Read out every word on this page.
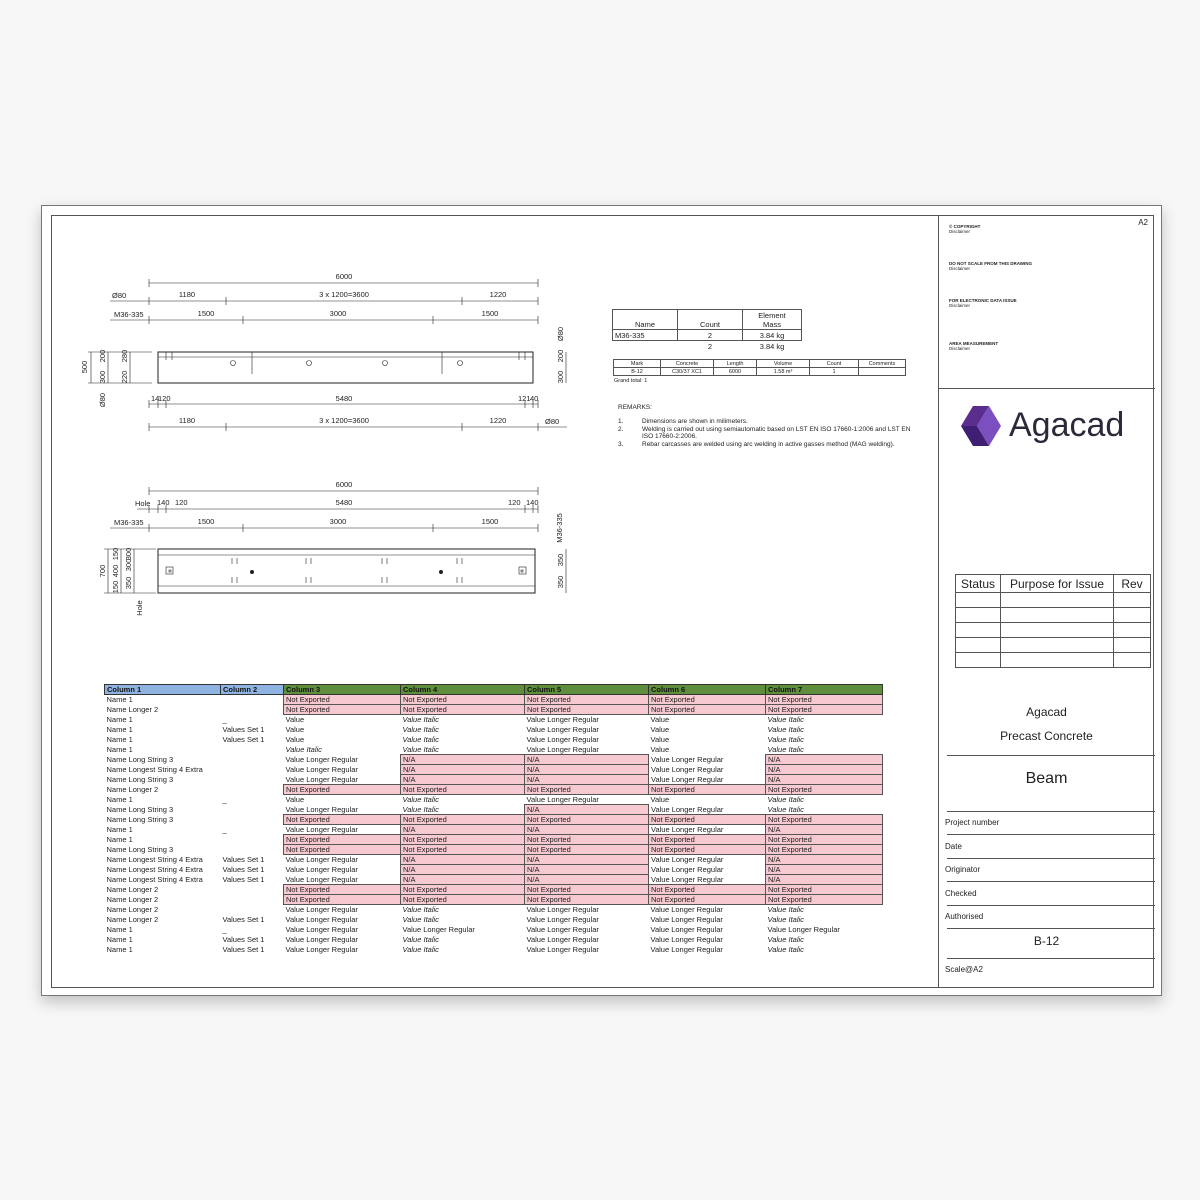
6000
Ø80	1180	3 x 1200=3600	1220
M36-335	1500	3000	1500
500
300
200
220
280
Ø80
300
200
Ø80
14
120	5480	121 40
1180	3 x 1200=3600	1220	Ø80
6000
Hole 140 120	5480	120 140
M36-335	1500	3000	1500
700
150
400
150
350
300
300
Hole
M36-335
350
350
Name	Count	Element
Mass
M36-335	2	3.84 kg
	2	3.84 kg
Mark	Concrete	Length	Volume	Count	Comments
B-12	C30/37 XC1	6000	1.58 m³	1	
Grand total: 1
REMARKS:
1.	Dimensions are shown in milimeters.
2.	Welding is carried out using semiautomatic based on LST EN ISO 17660-1:2006 and LST EN ISO 17660-2:2006.
3.	Rebar carcasses are welded using arc welding in active gasses method (MAG welding).
Column 1	Column 2	Column 3	Column 4	Column 5	Column 6	Column 7
Name 1		Not Exported	Not Exported	Not Exported	Not Exported	Not Exported
Name Longer 2		Not Exported	Not Exported	Not Exported	Not Exported	Not Exported
Name 1	_	Value	Value Italic	Value Longer Regular	Value	Value Italic
Name 1	Values Set 1	Value	Value Italic	Value Longer Regular	Value	Value Italic
Name 1	Values Set 1	Value	Value Italic	Value Longer Regular	Value	Value Italic
Name 1		Value Italic	Value Italic	Value Longer Regular	Value	Value Italic
Name Long String 3		Value Longer Regular	N/A	N/A	Value Longer Regular	N/A
Name Longest String 4 Extra		Value Longer Regular	N/A	N/A	Value Longer Regular	N/A
Name Long String 3		Value Longer Regular	N/A	N/A	Value Longer Regular	N/A
Name Longer 2		Not Exported	Not Exported	Not Exported	Not Exported	Not Exported
Name 1	_	Value	Value Italic	Value Longer Regular	Value	Value Italic
Name Long String 3		Value Longer Regular	Value Italic	N/A	Value Longer Regular	Value Italic
Name Long String 3		Not Exported	Not Exported	Not Exported	Not Exported	Not Exported
Name 1	_	Value Longer Regular	N/A	N/A	Value Longer Regular	N/A
Name 1		Not Exported	Not Exported	Not Exported	Not Exported	Not Exported
Name Long String 3		Not Exported	Not Exported	Not Exported	Not Exported	Not Exported
Name Longest String 4 Extra	Values Set 1	Value Longer Regular	N/A	N/A	Value Longer Regular	N/A
Name Longest String 4 Extra	Values Set 1	Value Longer Regular	N/A	N/A	Value Longer Regular	N/A
Name Longest String 4 Extra	Values Set 1	Value Longer Regular	N/A	N/A	Value Longer Regular	N/A
Name Longer 2		Not Exported	Not Exported	Not Exported	Not Exported	Not Exported
Name Longer 2		Not Exported	Not Exported	Not Exported	Not Exported	Not Exported
Name Longer 2		Value Longer Regular	Value Italic	Value Longer Regular	Value Longer Regular	Value Italic
Name Longer 2	Values Set 1	Value Longer Regular	Value Italic	Value Longer Regular	Value Longer Regular	Value Italic
Name 1	_	Value Longer Regular	Value Longer Regular	Value Longer Regular	Value Longer Regular	Value Longer Regular
Name 1	Values Set 1	Value Longer Regular	Value Italic	Value Longer Regular	Value Longer Regular	Value Italic
Name 1	Values Set 1	Value Longer Regular	Value Italic	Value Longer Regular	Value Longer Regular	Value Italic
A2
© COPYRIGHT
Disclaimer
DO NOT SCALE FROM THIS DRAWING
Disclaimer
FOR ELECTRONIC DATA ISSUE
Disclaimer
AREA MEASUREMENT
Disclaimer
Agacad
Status	Purpose for Issue	Rev

Agacad
Precast Concrete
Beam
Project number
Date
Originator
Checked
Authorised
B-12
Scale@A2
